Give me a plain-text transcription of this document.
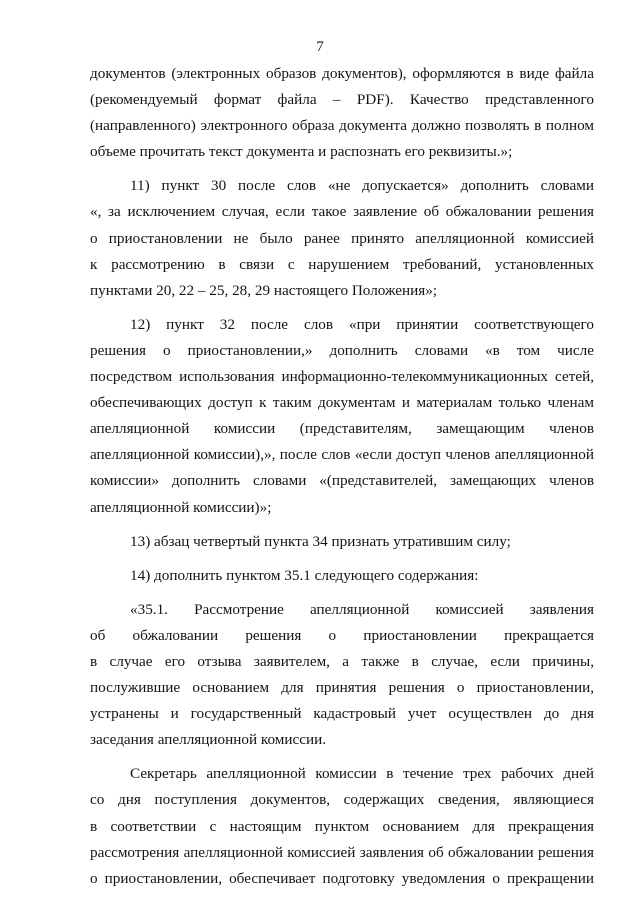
7

документов (электронных образов документов), оформляются в виде файла

(рекомендуемый формат файла – PDF). Качество представленного

(направленного) электронного образа документа должно позволять в полном

объеме прочитать текст документа и распознать его реквизиты.»;

11) пункт 30 после слов «не допускается» дополнить словами

«, за исключением случая, если такое заявление об обжаловании решения

о приостановлении не было ранее принято апелляционной комиссией

к рассмотрению в связи с нарушением требований, установленных

пунктами 20, 22 – 25, 28, 29 настоящего Положения»;

12) пункт 32 после слов «при принятии соответствующего

решения о приостановлении,» дополнить словами «в том числе

посредством использования информационно-телекоммуникационных сетей,

обеспечивающих доступ к таким документам и материалам только членам

апелляционной комиссии (представителям, замещающим членов

апелляционной комиссии),», после слов «если доступ членов апелляционной

комиссии» дополнить словами «(представителей, замещающих членов

апелляционной комиссии)»;

13) абзац четвертый пункта 34 признать утратившим силу;

14) дополнить пунктом 35.1 следующего содержания:

«35.1. Рассмотрение апелляционной комиссией заявления

об обжаловании решения о приостановлении прекращается

в случае его отзыва заявителем, а также в случае, если причины,

послужившие основанием для принятия решения о приостановлении,

устранены и государственный кадастровый учет осуществлен до дня

заседания апелляционной комиссии.

Секретарь апелляционной комиссии в течение трех рабочих дней

со дня поступления документов, содержащих сведения, являющиеся

в соответствии с настоящим пунктом основанием для прекращения

рассмотрения апелляционной комиссией заявления об обжаловании решения

о приостановлении, обеспечивает подготовку уведомления о прекращении
